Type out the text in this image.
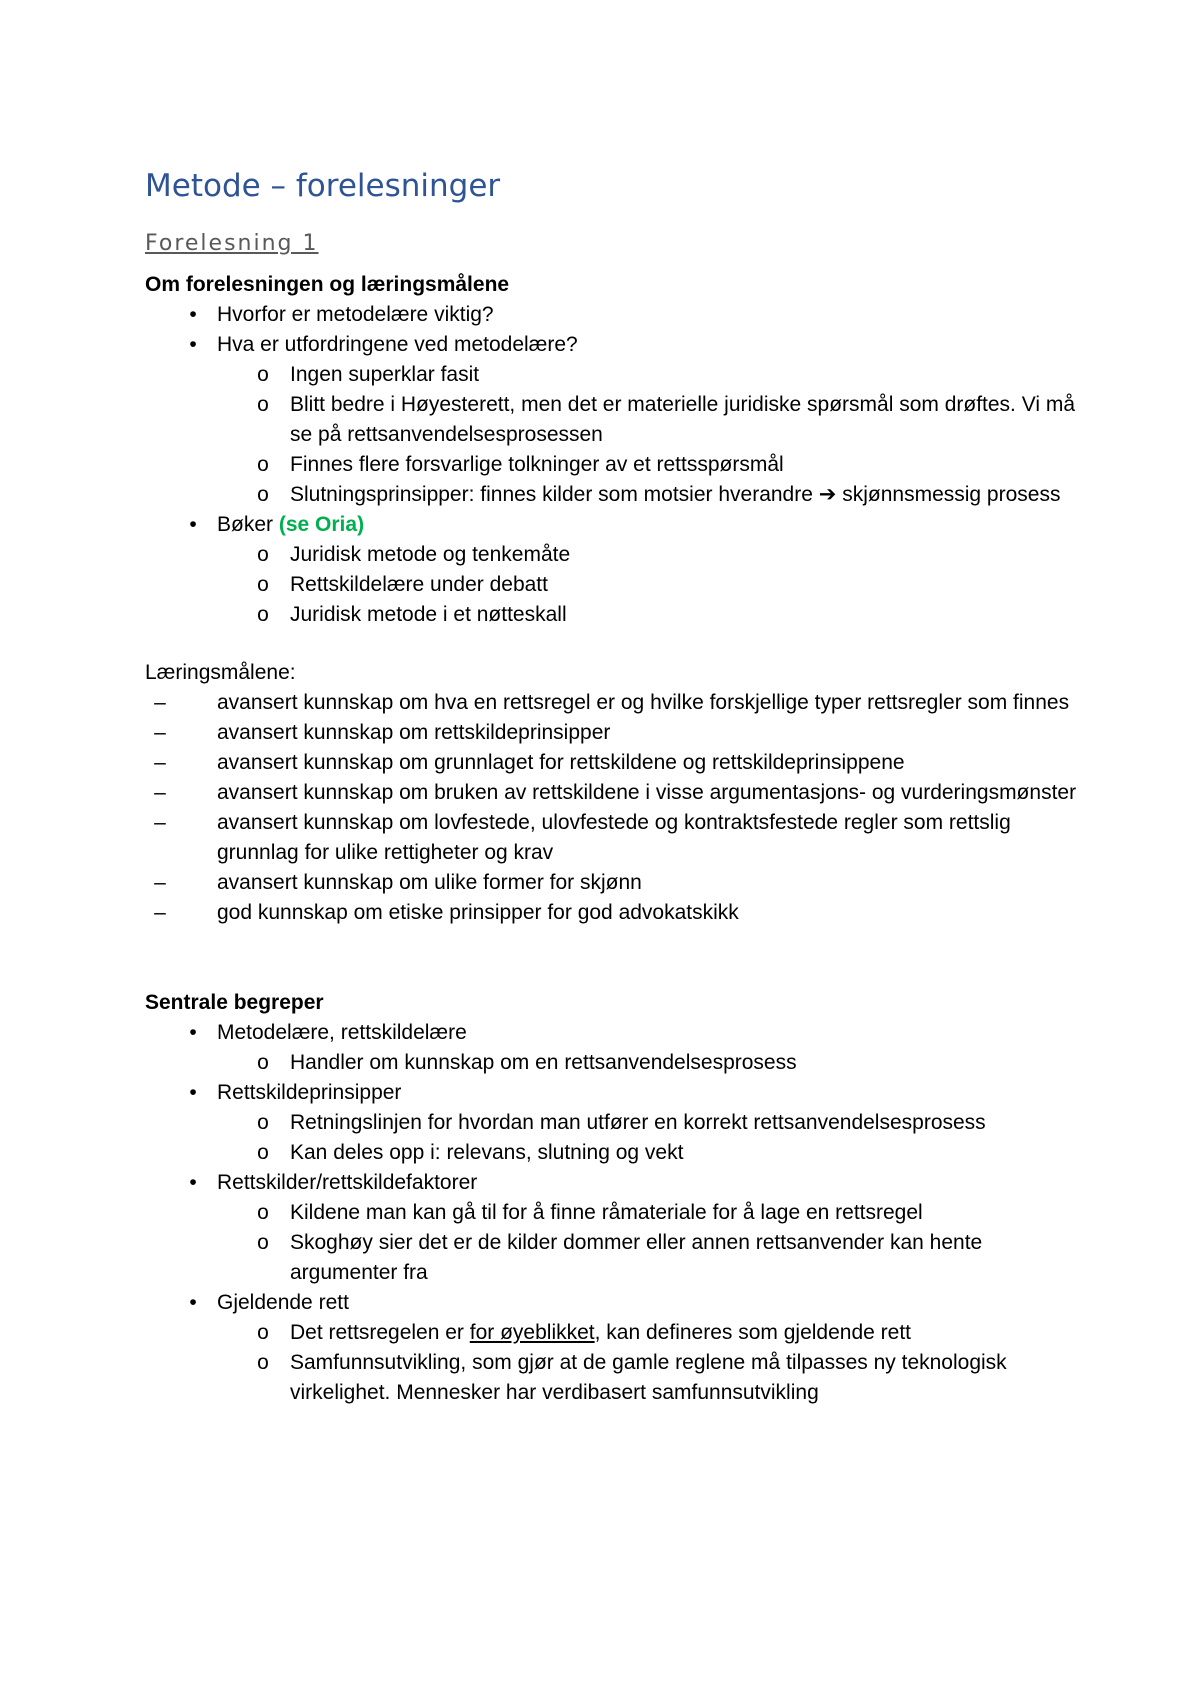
Metode – forelesninger
Forelesning 1
Om forelesningen og læringsmålene
• Hvorfor er metodelære viktig?
• Hva er utfordringene ved metodelære?
o Ingen superklar fasit
o Blitt bedre i Høyesterett, men det er materielle juridiske spørsmål som drøftes. Vi må se på rettsanvendelsesprosessen
o Finnes flere forsvarlige tolkninger av et rettsspørsmål
o Slutningsprinsipper: finnes kilder som motsier hverandre ➔ skjønnsmessig prosess
• Bøker (se Oria)
o Juridisk metode og tenkemåte
o Rettskildelære under debatt
o Juridisk metode i et nøtteskall
Læringsmålene:
–	avansert kunnskap om hva en rettsregel er og hvilke forskjellige typer rettsregler som finnes
–	avansert kunnskap om rettskildeprinsipper
–	avansert kunnskap om grunnlaget for rettskildene og rettskildeprinsippene
–	avansert kunnskap om bruken av rettskildene i visse argumentasjons- og vurderingsmønster
–	avansert kunnskap om lovfestede, ulovfestede og kontraktsfestede regler som rettslig grunnlag for ulike rettigheter og krav
–	avansert kunnskap om ulike former for skjønn
–	god kunnskap om etiske prinsipper for god advokatskikk
Sentrale begreper
• Metodelære, rettskildelære
o Handler om kunnskap om en rettsanvendelsesprosess
• Rettskildeprinsipper
o Retningslinjen for hvordan man utfører en korrekt rettsanvendelsesprosess
o Kan deles opp i: relevans, slutning og vekt
• Rettskilder/rettskildefaktorer
o Kildene man kan gå til for å finne råmateriale for å lage en rettsregel
o Skoghøy sier det er de kilder dommer eller annen rettsanvender kan hente argumenter fra
• Gjeldende rett
o Det rettsregelen er for øyeblikket, kan defineres som gjeldende rett
o Samfunnsutvikling, som gjør at de gamle reglene må tilpasses ny teknologisk virkelighet. Mennesker har verdibasert samfunnsutvikling
